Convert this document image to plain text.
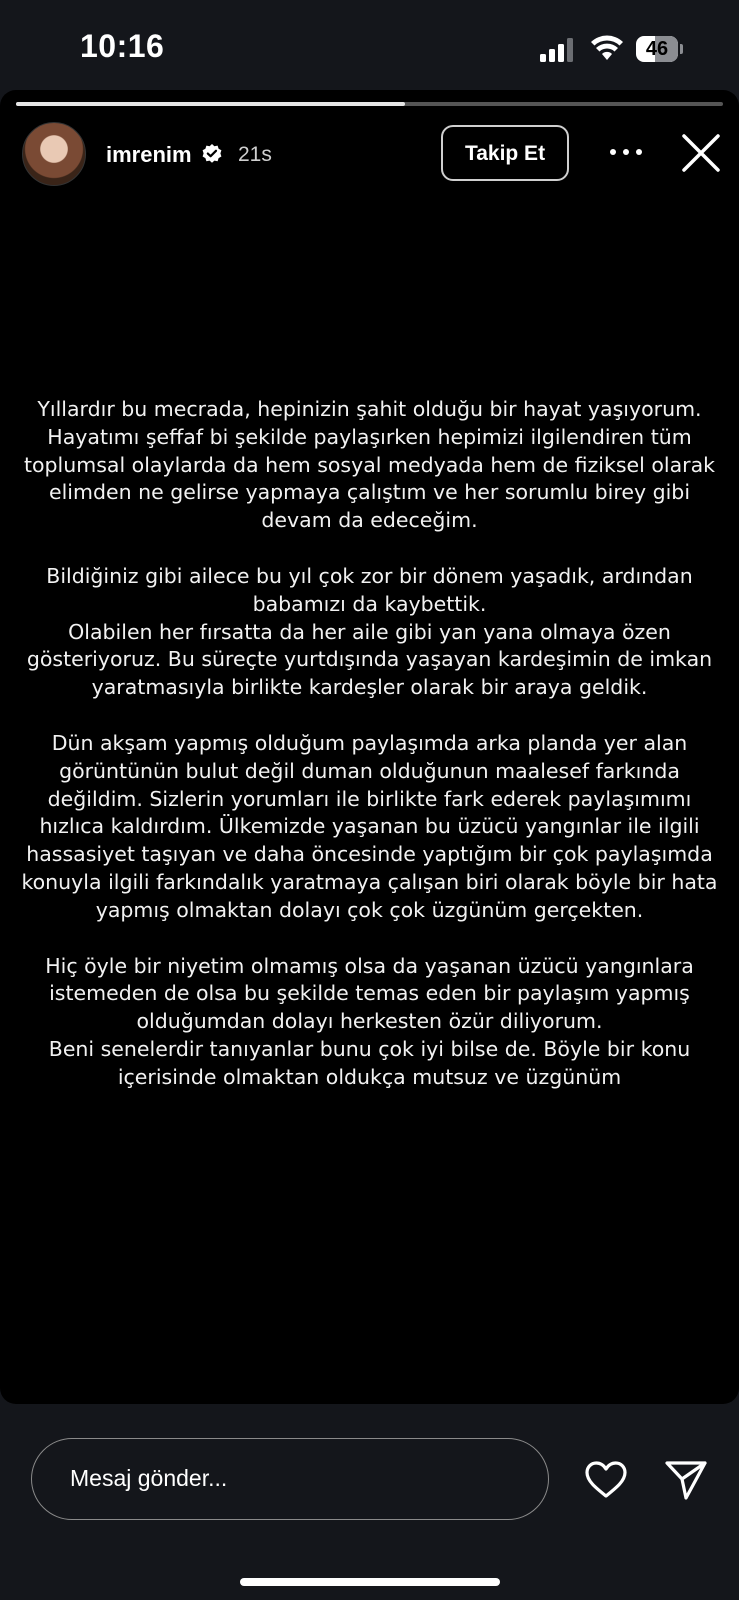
10:16	46
imrenim 21s	Takip Et

Yıllardır bu mecrada, hepinizin şahit olduğu bir hayat yaşıyorum. Hayatımı şeffaf bi şekilde paylaşırken hepimizi ilgilendiren tüm toplumsal olaylarda da hem sosyal medyada hem de fiziksel olarak elimden ne gelirse yapmaya çalıştım ve her sorumlu birey gibi devam da edeceğim.

Bildiğiniz gibi ailece bu yıl çok zor bir dönem yaşadık, ardından babamızı da kaybettik.
Olabilen her fırsatta da her aile gibi yan yana olmaya özen gösteriyoruz. Bu süreçte yurtdışında yaşayan kardeşimin de imkan yaratmasıyla birlikte kardeşler olarak bir araya geldik.

Dün akşam yapmış olduğum paylaşımda arka planda yer alan görüntünün bulut değil duman olduğunun maalesef farkında değildim. Sizlerin yorumları ile birlikte fark ederek paylaşımımı hızlıca kaldırdım. Ülkemizde yaşanan bu üzücü yangınlar ile ilgili hassasiyet taşıyan ve daha öncesinde yaptığım bir çok paylaşımda konuyla ilgili farkındalık yaratmaya çalışan biri olarak böyle bir hata yapmış olmaktan dolayı çok çok üzgünüm gerçekten.

Hiç öyle bir niyetim olmamış olsa da yaşanan üzücü yangınlara istemeden de olsa bu şekilde temas eden bir paylaşım yapmış olduğumdan dolayı herkesten özür diliyorum.
Beni senelerdir tanıyanlar bunu çok iyi bilse de. Böyle bir konu içerisinde olmaktan oldukça mutsuz ve üzgünüm

Mesaj gönder...
